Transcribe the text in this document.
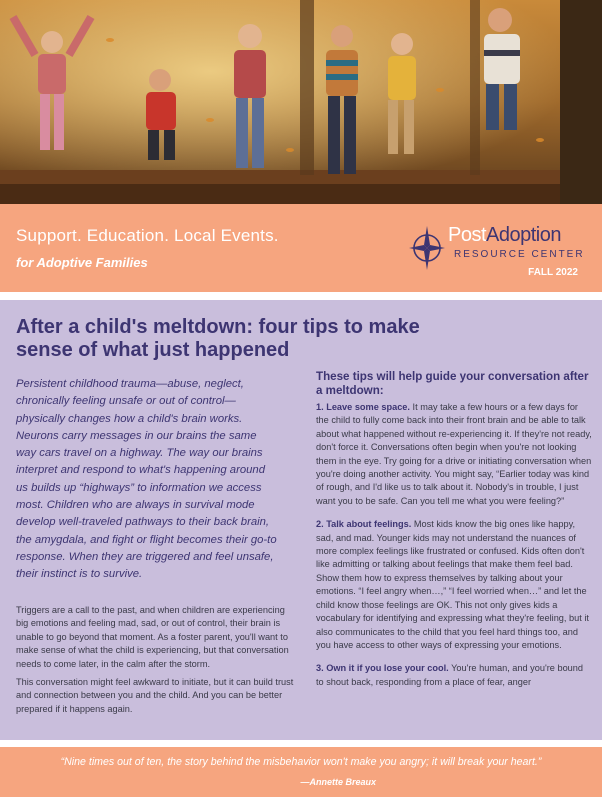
Support. Education. Local Events.
for Adoptive Families
PostAdoption
RESOURCE CENTER
FALL 2022
After a child's meltdown: four tips to make sense of what just happened
Persistent childhood trauma—abuse, neglect, chronically feeling unsafe or out of control—physically changes how a child's brain works. Neurons carry messages in our brains the same way cars travel on a highway. The way our brains interpret and respond to what's happening around us builds up “highways” to information we access most. Children who are always in survival mode develop well-traveled pathways to their back brain, the amygdala, and fight or flight becomes their go-to response. When they are triggered and feel unsafe, their instinct is to survive.

Triggers are a call to the past, and when children are experiencing big emotions and feeling mad, sad, or out of control, their brain is unable to go beyond that moment. As a foster parent, you'll want to make sense of what the child is experiencing, but that conversation needs to come later, in the calm after the storm.

This conversation might feel awkward to initiate, but it can build trust and connection between you and the child. And you can be better prepared if it happens again.

These tips will help guide your conversation after a meltdown:

1. Leave some space. It may take a few hours or a few days for the child to fully come back into their front brain and be able to talk about what happened without re-experiencing it. If they're not ready, don't force it. Conversations often begin when you're not looking them in the eye. Try going for a drive or initiating conversation when you're doing another activity. You might say, “Earlier today was kind of rough, and I'd like us to talk about it. Nobody's in trouble, I just want you to be safe. Can you tell me what you were feeling?”

2. Talk about feelings. Most kids know the big ones like happy, sad, and mad. Younger kids may not understand the nuances of more complex feelings like frustrated or confused. Kids often don't like admitting or talking about feelings that make them feel bad. Show them how to express themselves by talking about your emotions. “I feel angry when…,” “I feel worried when…” and let the child know those feelings are OK. This not only gives kids a vocabulary for identifying and expressing what they're feeling, but it also communicates to the child that you feel hard things too, and you have access to other ways of expressing your emotions.

3. Own it if you lose your cool. You're human, and you're bound to shout back, responding from a place of fear, anger

“Nine times out of ten, the story behind the misbehavior won't make you angry; it will break your heart.”
—Annette Breaux
